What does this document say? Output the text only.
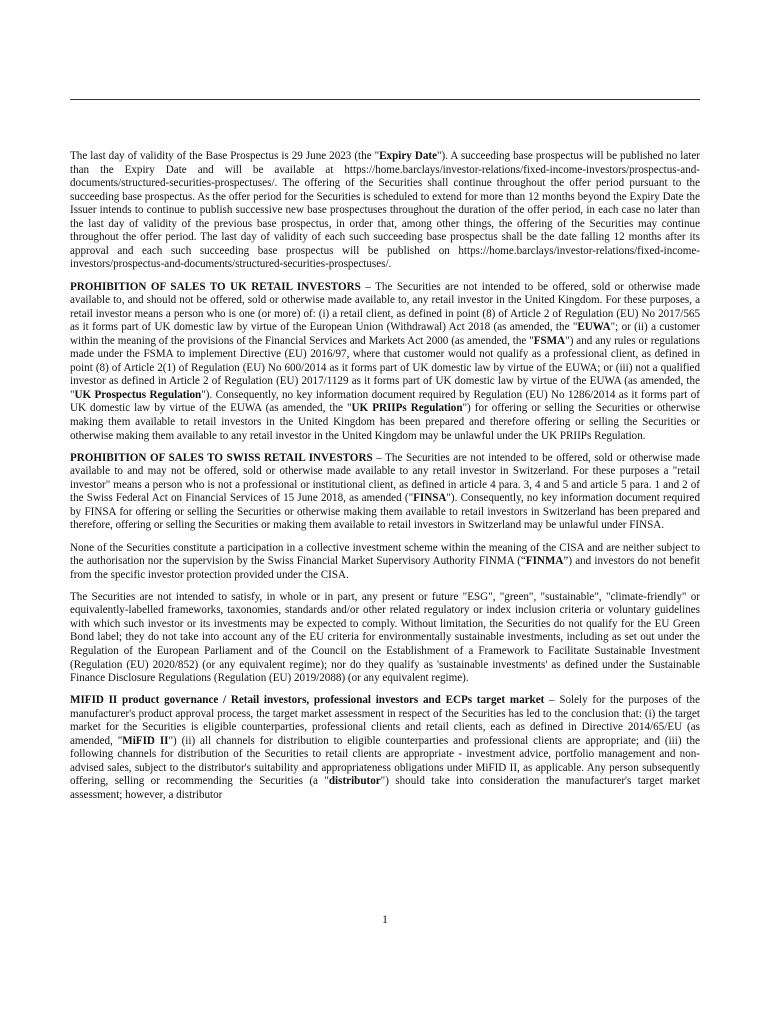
The last day of validity of the Base Prospectus is 29 June 2023 (the "Expiry Date"). A succeeding base prospectus will be published no later than the Expiry Date and will be available at https://home.barclays/investor-relations/fixed-income-investors/prospectus-and-documents/structured-securities-prospectuses/. The offering of the Securities shall continue throughout the offer period pursuant to the succeeding base prospectus. As the offer period for the Securities is scheduled to extend for more than 12 months beyond the Expiry Date the Issuer intends to continue to publish successive new base prospectuses throughout the duration of the offer period, in each case no later than the last day of validity of the previous base prospectus, in order that, among other things, the offering of the Securities may continue throughout the offer period. The last day of validity of each such succeeding base prospectus shall be the date falling 12 months after its approval and each such succeeding base prospectus will be published on https://home.barclays/investor-relations/fixed-income-investors/prospectus-and-documents/structured-securities-prospectuses/.

PROHIBITION OF SALES TO UK RETAIL INVESTORS – The Securities are not intended to be offered, sold or otherwise made available to, and should not be offered, sold or otherwise made available to, any retail investor in the United Kingdom. For these purposes, a retail investor means a person who is one (or more) of: (i) a retail client, as defined in point (8) of Article 2 of Regulation (EU) No 2017/565 as it forms part of UK domestic law by virtue of the European Union (Withdrawal) Act 2018 (as amended, the "EUWA"; or (ii) a customer within the meaning of the provisions of the Financial Services and Markets Act 2000 (as amended, the "FSMA") and any rules or regulations made under the FSMA to implement Directive (EU) 2016/97, where that customer would not qualify as a professional client, as defined in point (8) of Article 2(1) of Regulation (EU) No 600/2014 as it forms part of UK domestic law by virtue of the EUWA; or (iii) not a qualified investor as defined in Article 2 of Regulation (EU) 2017/1129 as it forms part of UK domestic law by virtue of the EUWA (as amended, the "UK Prospectus Regulation"). Consequently, no key information document required by Regulation (EU) No 1286/2014 as it forms part of UK domestic law by virtue of the EUWA (as amended, the "UK PRIIPs Regulation") for offering or selling the Securities or otherwise making them available to retail investors in the United Kingdom has been prepared and therefore offering or selling the Securities or otherwise making them available to any retail investor in the United Kingdom may be unlawful under the UK PRIIPs Regulation.

PROHIBITION OF SALES TO SWISS RETAIL INVESTORS – The Securities are not intended to be offered, sold or otherwise made available to and may not be offered, sold or otherwise made available to any retail investor in Switzerland. For these purposes a "retail investor" means a person who is not a professional or institutional client, as defined in article 4 para. 3, 4 and 5 and article 5 para. 1 and 2 of the Swiss Federal Act on Financial Services of 15 June 2018, as amended ("FINSA"). Consequently, no key information document required by FINSA for offering or selling the Securities or otherwise making them available to retail investors in Switzerland has been prepared and therefore, offering or selling the Securities or making them available to retail investors in Switzerland may be unlawful under FINSA.

None of the Securities constitute a participation in a collective investment scheme within the meaning of the CISA and are neither subject to the authorisation nor the supervision by the Swiss Financial Market Supervisory Authority FINMA (“FINMA”) and investors do not benefit from the specific investor protection provided under the CISA.

The Securities are not intended to satisfy, in whole or in part, any present or future "ESG", "green", "sustainable", "climate-friendly" or equivalently-labelled frameworks, taxonomies, standards and/or other related regulatory or index inclusion criteria or voluntary guidelines with which such investor or its investments may be expected to comply. Without limitation, the Securities do not qualify for the EU Green Bond label; they do not take into account any of the EU criteria for environmentally sustainable investments, including as set out under the Regulation of the European Parliament and of the Council on the Establishment of a Framework to Facilitate Sustainable Investment (Regulation (EU) 2020/852) (or any equivalent regime); nor do they qualify as 'sustainable investments' as defined under the Sustainable Finance Disclosure Regulations (Regulation (EU) 2019/2088) (or any equivalent regime).

MIFID II product governance / Retail investors, professional investors and ECPs target market – Solely for the purposes of the manufacturer's product approval process, the target market assessment in respect of the Securities has led to the conclusion that: (i) the target market for the Securities is eligible counterparties, professional clients and retail clients, each as defined in Directive 2014/65/EU (as amended, "MiFID II") (ii) all channels for distribution to eligible counterparties and professional clients are appropriate; and (iii) the following channels for distribution of the Securities to retail clients are appropriate - investment advice, portfolio management and non-advised sales, subject to the distributor's suitability and appropriateness obligations under MiFID II, as applicable. Any person subsequently offering, selling or recommending the Securities (a "distributor") should take into consideration the manufacturer's target market assessment; however, a distributor

1
